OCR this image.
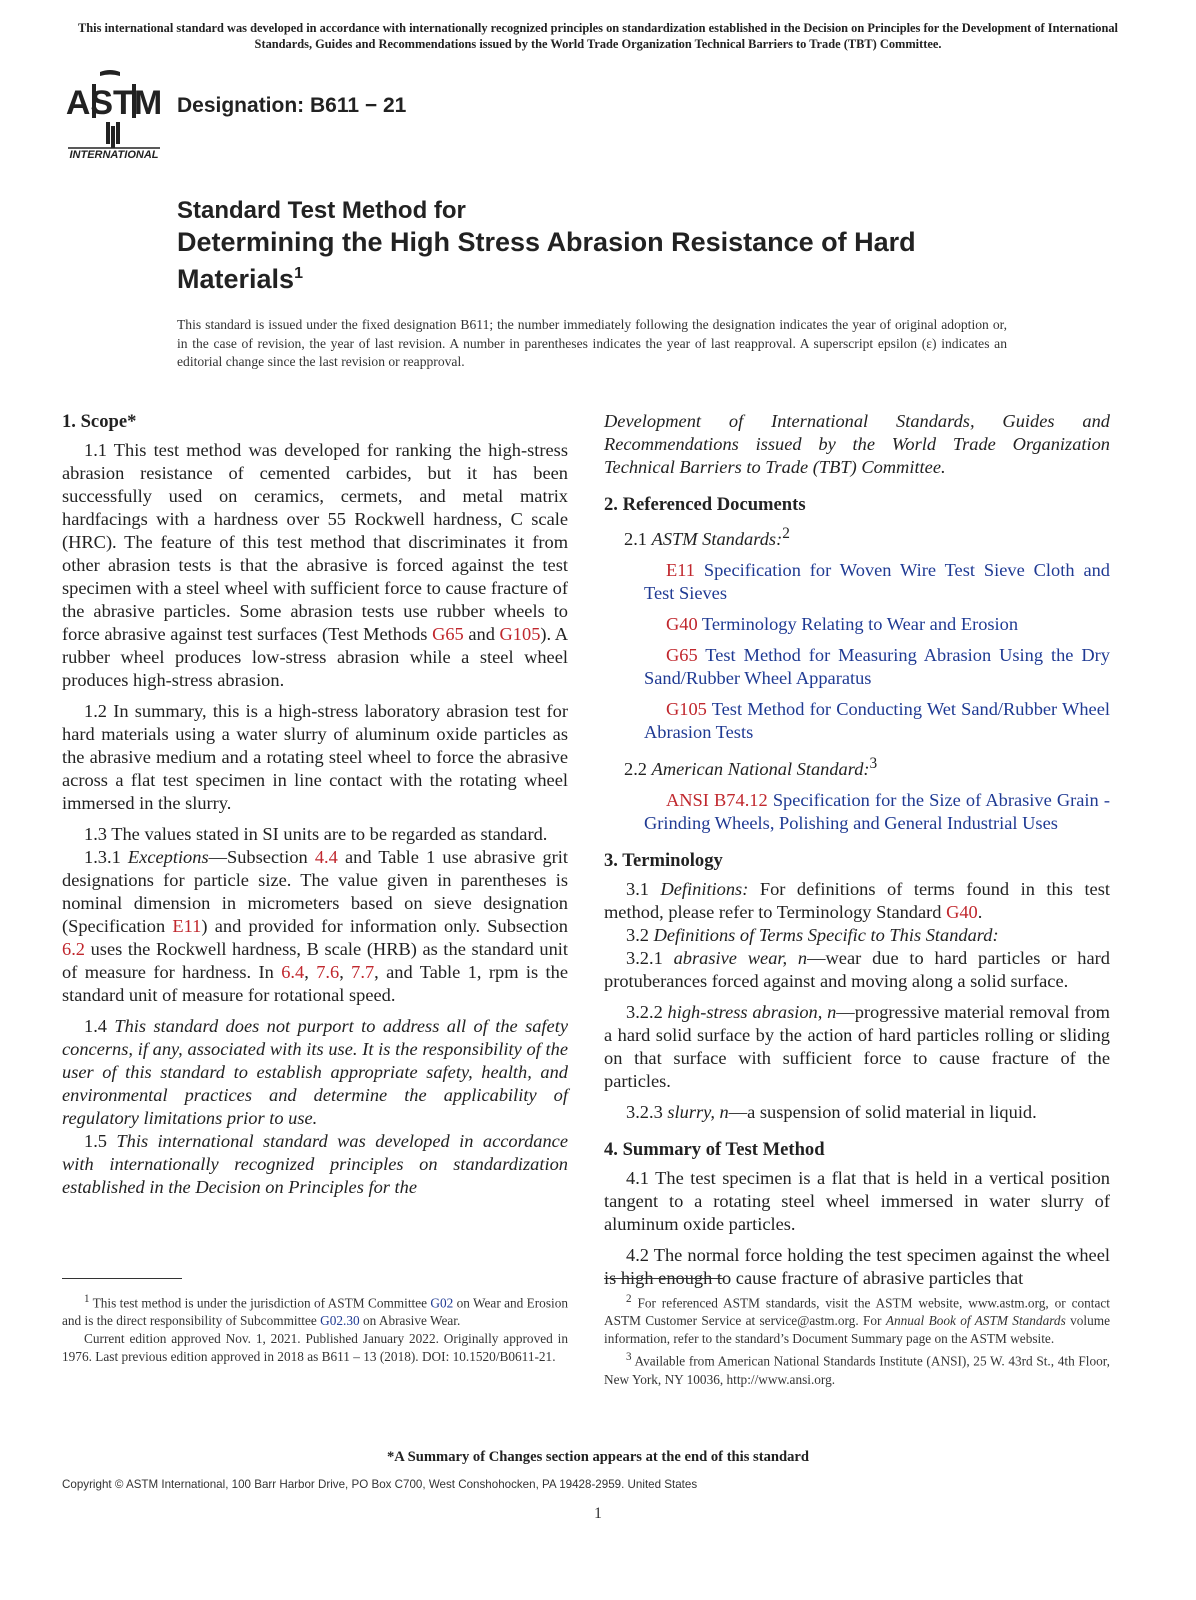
This international standard was developed in accordance with internationally recognized principles on standardization established in the Decision on Principles for the Development of International Standards, Guides and Recommendations issued by the World Trade Organization Technical Barriers to Trade (TBT) Committee.
ASTM
INTERNATIONAL
Designation: B611 − 21
Standard Test Method for
Determining the High Stress Abrasion Resistance of Hard
Materials$^1$
This standard is issued under the fixed designation B611; the number immediately following the designation indicates the year of original adoption or, in the case of revision, the year of last revision. A number in parentheses indicates the year of last reapproval. A superscript epsilon (ε) indicates an editorial change since the last revision or reapproval.
1. Scope*

1.1 This test method was developed for ranking the high-stress abrasion resistance of cemented carbides, but it has been successfully used on ceramics, cermets, and metal matrix hardfacings with a hardness over 55 Rockwell hardness, C scale (HRC). The feature of this test method that discriminates it from other abrasion tests is that the abrasive is forced against the test specimen with a steel wheel with sufficient force to cause fracture of the abrasive particles. Some abrasion tests use rubber wheels to force abrasive against test surfaces (Test Methods G65 and G105). A rubber wheel produces low-stress abrasion while a steel wheel produces high-stress abrasion.

1.2 In summary, this is a high-stress laboratory abrasion test for hard materials using a water slurry of aluminum oxide particles as the abrasive medium and a rotating steel wheel to force the abrasive across a flat test specimen in line contact with the rotating wheel immersed in the slurry.

1.3 The values stated in SI units are to be regarded as standard.

1.3.1 Exceptions—Subsection 4.4 and Table 1 use abrasive grit designations for particle size. The value given in parentheses is nominal dimension in micrometers based on sieve designation (Specification E11) and provided for information only. Subsection 6.2 uses the Rockwell hardness, B scale (HRB) as the standard unit of measure for hardness. In 6.4, 7.6, 7.7, and Table 1, rpm is the standard unit of measure for rotational speed.

1.4 This standard does not purport to address all of the safety concerns, if any, associated with its use. It is the responsibility of the user of this standard to establish appropriate safety, health, and environmental practices and determine the applicability of regulatory limitations prior to use.

1.5 This international standard was developed in accordance with internationally recognized principles on standardization established in the Decision on Principles for the

Development of International Standards, Guides and Recommendations issued by the World Trade Organization Technical Barriers to Trade (TBT) Committee.

2. Referenced Documents

2.1 ASTM Standards:$^2$

E11 Specification for Woven Wire Test Sieve Cloth and Test Sieves

G40 Terminology Relating to Wear and Erosion

G65 Test Method for Measuring Abrasion Using the Dry Sand/Rubber Wheel Apparatus

G105 Test Method for Conducting Wet Sand/Rubber Wheel Abrasion Tests

2.2 American National Standard:$^3$

ANSI B74.12 Specification for the Size of Abrasive Grain - Grinding Wheels, Polishing and General Industrial Uses

3. Terminology

3.1 Definitions: For definitions of terms found in this test method, please refer to Terminology Standard G40.

3.2 Definitions of Terms Specific to This Standard:

3.2.1 abrasive wear, n—wear due to hard particles or hard protuberances forced against and moving along a solid surface.

3.2.2 high-stress abrasion, n—progressive material removal from a hard solid surface by the action of hard particles rolling or sliding on that surface with sufficient force to cause fracture of the particles.

3.2.3 slurry, n—a suspension of solid material in liquid.

4. Summary of Test Method

4.1 The test specimen is a flat that is held in a vertical position tangent to a rotating steel wheel immersed in water slurry of aluminum oxide particles.

4.2 The normal force holding the test specimen against the wheel is high enough to cause fracture of abrasive particles that

$^1$ This test method is under the jurisdiction of ASTM Committee G02 on Wear and Erosion and is the direct responsibility of Subcommittee G02.30 on Abrasive Wear.

Current edition approved Nov. 1, 2021. Published January 2022. Originally approved in 1976. Last previous edition approved in 2018 as B611 – 13 (2018). DOI: 10.1520/B0611-21.

$^2$ For referenced ASTM standards, visit the ASTM website, www.astm.org, or contact ASTM Customer Service at service@astm.org. For Annual Book of ASTM Standards volume information, refer to the standard’s Document Summary page on the ASTM website.

$^3$ Available from American National Standards Institute (ANSI), 25 W. 43rd St., 4th Floor, New York, NY 10036, http://www.ansi.org.

*A Summary of Changes section appears at the end of this standard
Copyright © ASTM International, 100 Barr Harbor Drive, PO Box C700, West Conshohocken, PA 19428-2959. United States
1
